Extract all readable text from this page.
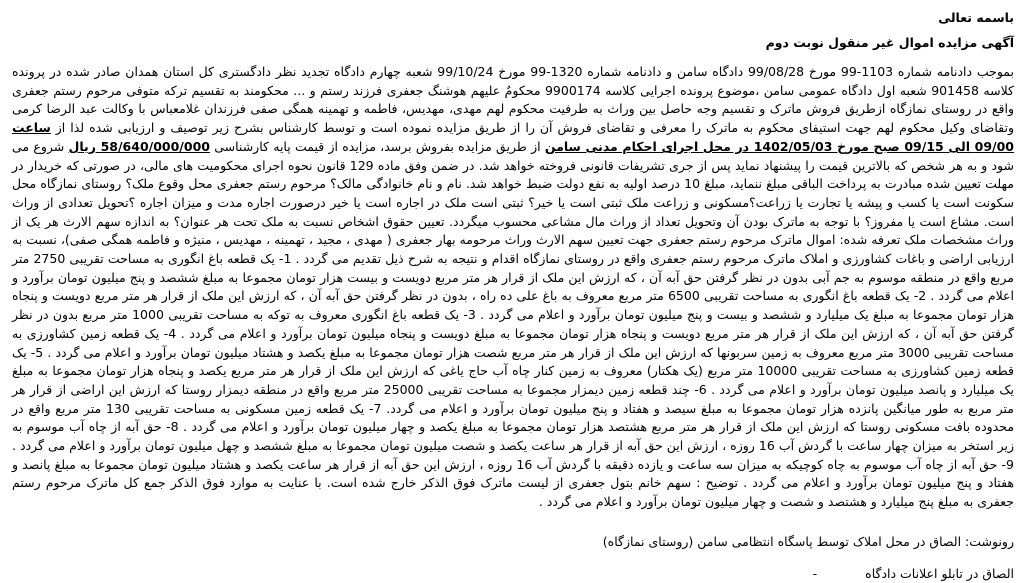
باسمه تعالی
آگهی مزایده اموال غیر منقول نوبت دوم
بموجب دادنامه شماره 1103-99 مورخ 99/08/28 دادگاه سامن و دادنامه شماره 1320-99 مورخ 99/10/24 شعبه چهارم دادگاه تجدید نظر دادگستری کل استان همدان صادر شده در پرونده کلاسه 901458 شعبه اول دادگاه عمومی سامن ،موضوع پرونده اجرایی کلاسه 9900174 محکومٌ علیهم هوشنگ جعفری فرزند رستم و ... محکومند به تقسیم ترکه متوفی مرحوم رستم جعفری واقع در روستای نمازگاه ازطریق فروش ماترک و تقسیم وجه حاصل بین وراث به طرفیت محکوم لهم مهدی، مهدیس، فاطمه و تهمینه همگی صفی فرزندان غلامعباس با وکالت عبد الرضا کرمی وتقاضای وکیل محکوم لهم جهت استیفای محکوم به ماترک را معرفی و تقاضای فروش آن را از طریق مزایده نموده است و توسط کارشناس بشرح زیر توصیف و ارزیابی شده لذا از ساعت 09/00 الی 09/15 صبح مورخ 1402/05/03 در محل اجرای احکام مدنی سامن از طریق مزایده بفروش برسد، مزایده از قیمت پایه کارشناسی 58/640/000/000 ریال شروع می شود و به هر شخص که بالاترین قیمت را پیشنهاد نماید پس از جری تشریفات قانونی فروخته خواهد شد. در ضمن وفق ماده 129 قانون نحوه اجرای محکومیت های مالی، در صورتی که خریدار در مهلت تعیین شده مبادرت به پرداخت الباقی مبلغ ننماید، مبلغ 10 درصد اولیه به نفع دولت ضبط خواهد شد. نام و نام خانوادگی مالک؟ مرحوم رستم جعفری محل وقوع ملک؟ روستای نمازگاه محل سکونت است یا کسب و پیشه یا تجارت یا زراعت؟مسکونی و زراعت ملک ثبتی است یا خیر؟ ثبتی است ملک در اجاره است یا خیر درصورت اجاره مدت و میزان اجاره ؟تحویل تعدادی از وراث است. مشاع است یا مفروز؟ با توجه به ماترک بودن آن وتحویل تعداد از وراث مال مشاعی محسوب میگردد. تعیین حقوق اشخاص نسبت به ملک تحت هر عنوان؟ به اندازه سهم الارث هر یک از وراث مشخصات ملک تعرفه شده: اموال ماترک مرحوم رستم جعفری جهت تعیین سهم الارث وراث مرحومه بهار جعفری ( مهدی ، مجید ، تهمینه ، مهدیس ، منیژه و فاطمه همگی صفی)، نسبت به ارزیابی اراضی و باغات کشاورزی و املاک ماترک مرحوم رستم جعفری واقع در روستای نمازگاه اقدام و نتیجه به شرح ذیل تقدیم می گردد . 1- یک قطعه باغ انگوری به مساحت تقریبی 2750 متر مربع واقع در منطقه موسوم به جم آبی بدون در نظر گرفتن حق آبه آن ، که ارزش این ملک از قرار هر متر مربع دویست و بیست هزار تومان مجموعا به مبلغ ششصد و پنج میلیون تومان برآورد و اعلام می گردد . 2- یک قطعه باغ انگوری به مساحت تقریبی 6500 متر مربع معروف به باغ علی ده راه ، بدون در نظر گرفتن حق آبه آن ، که ارزش این ملک از قرار هر متر مربع دویست و پنجاه هزار تومان مجموعا به مبلغ یک میلیارد و ششصد و بیست و پنج میلیون تومان برآورد و اعلام می گردد . 3- یک قطعه باغ انگوری معروف به توکه به مساحت تقریبی 1000 متر مربع بدون در نظر گرفتن حق آبه آن ، که ارزش این ملک از قرار هر متر مربع دویست و پنجاه هزار تومان مجموعا به مبلغ دویست و پنجاه میلیون تومان برآورد و اعلام می گردد . 4- یک قطعه زمین کشاورزی به مساحت تقریبی 3000 متر مربع معروف به زمین سربونها که ارزش این ملک از قرار هر متر مربع شصت هزار تومان مجموعا به مبلغ یکصد و هشتاد میلیون تومان برآورد و اعلام می گردد . 5- یک قطعه زمین کشاورزی به مساحت تقریبی 10000 متر مربع (یک هکتار) معروف به زمین کنار چاه آب حاج یاغی که ارزش این ملک از قرار هر متر مربع یکصد و پنجاه هزار تومان مجموعا به مبلغ یک میلیارد و پانصد میلیون تومان برآورد و اعلام می گردد . 6- چند قطعه زمین دیمزار مجموعا به مساحت تقریبی 25000 متر مربع واقع در منطقه دیمزار روستا که ارزش این اراضی از قرار هر متر مربع به طور میانگین پانزده هزار تومان مجموعا به مبلغ سیصد و هفتاد و پنج میلیون تومان برآورد و اعلام می گردد. 7- یک قطعه زمین مسکونی به مساحت تقریبی 130 متر مربع واقع در محدوده بافت مسکونی روستا که ارزش این ملک از قرار هر متر مربع هشتصد هزار تومان مجموعا به مبلغ یکصد و چهار میلیون تومان برآورد و اعلام می گردد . 8- حق آبه از چاه آب موسوم به زیر استخر به میزان چهار ساعت با گردش آب 16 روزه ، ارزش این حق آبه از قرار هر ساعت یکصد و شصت میلیون تومان مجموعا به مبلغ ششصد و چهل میلیون تومان برآورد و اعلام می گردد . 9- حق آبه از چاه آب موسوم به چاه کوچیکه به میزان سه ساعت و یازده دقیقه با گردش آب 16 روزه ، ارزش این حق آبه از قرار هر ساعت یکصد و هشتاد میلیون تومان مجموعا به مبلغ پانصد و هفتاد و پنج میلیون تومان برآورد و اعلام می گردد . توضیح : سهم خانم بتول جعفری از لیست ماترک فوق الذکر خارج شده است. با عنایت به موارد فوق الذکر جمع کل ماترک مرحوم رستم جعفری به مبلغ پنج میلیارد و هشتصد و شصت و چهار میلیون تومان برآورد و اعلام می گردد .
رونوشت: الصاق در محل املاک توسط پاسگاه انتظامی سامن (روستای نمازگاه)
الصاق در تابلو اعلانات دادگاه  -
